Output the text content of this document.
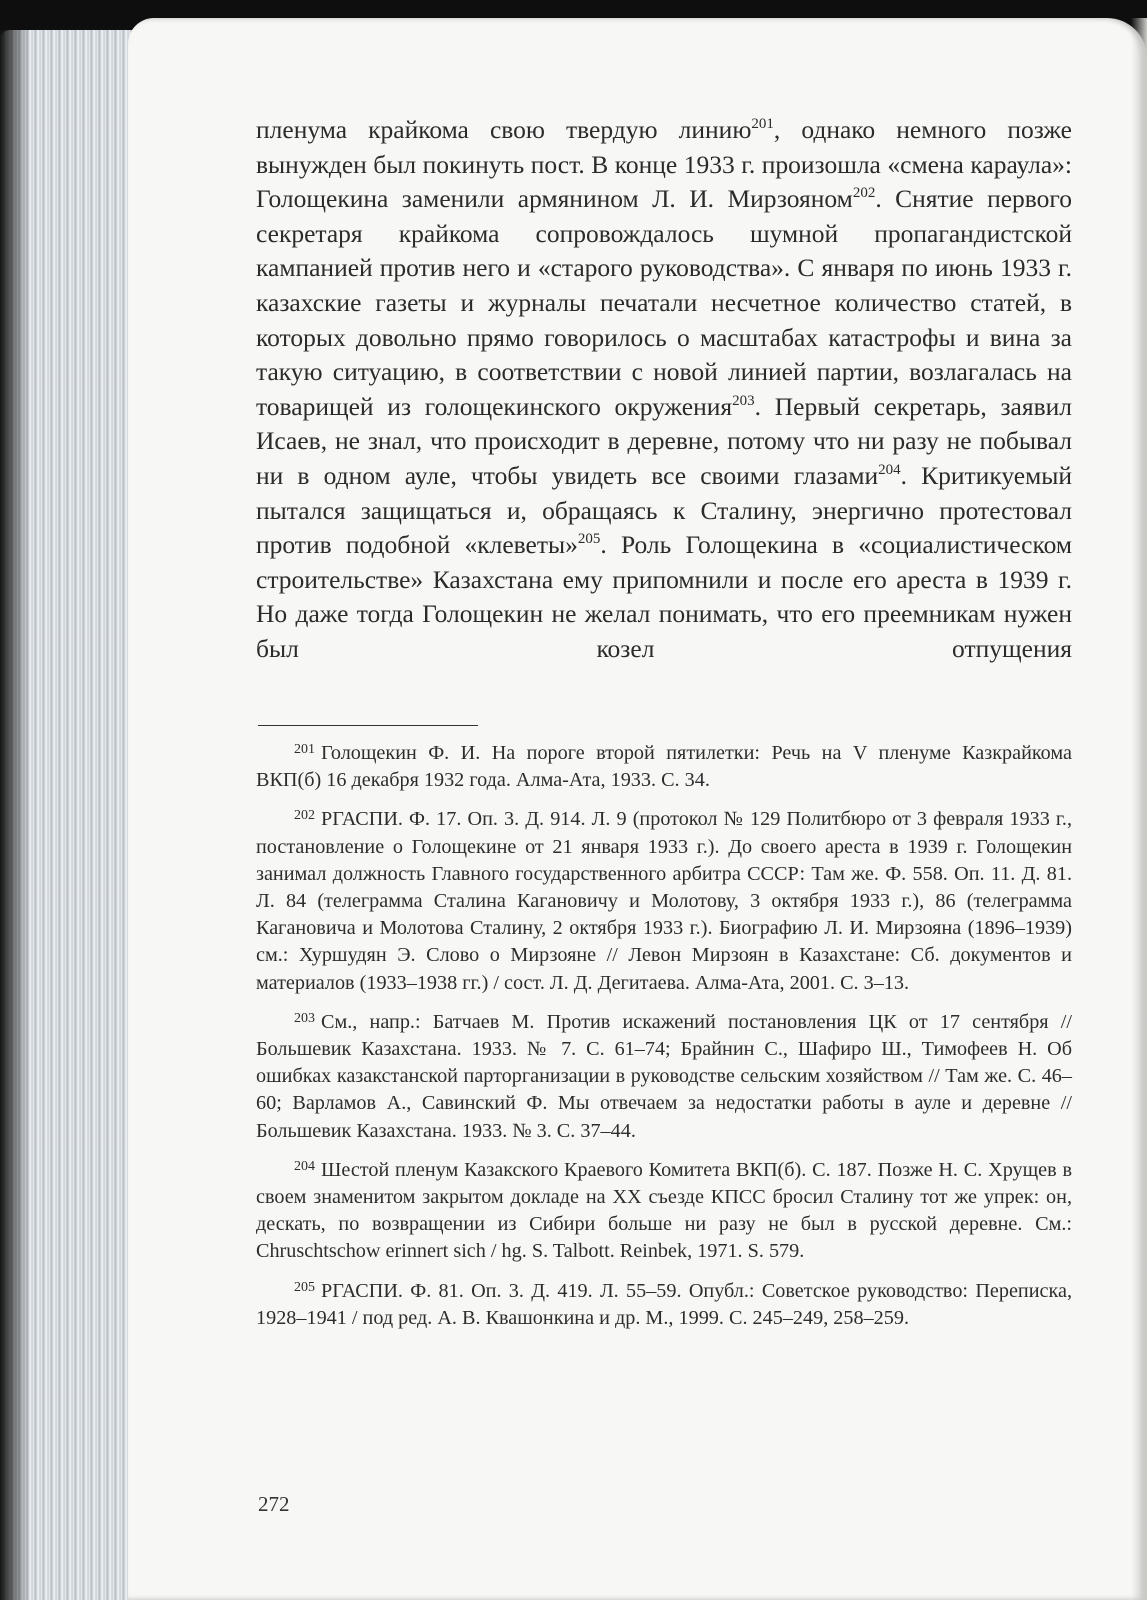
пленума крайкома свою твердую линию$^{201}$, однако немного позже вынужден был покинуть пост. В конце 1933 г. произошла «смена караула»: Голощекина заменили армянином Л. И. Мирзояном$^{202}$. Снятие первого секретаря крайкома сопровождалось шумной пропагандистской кампанией против него и «старого руководства». С января по июнь 1933 г. казахские газеты и журналы печатали несчетное количество статей, в которых довольно прямо говорилось о масштабах катастрофы и вина за такую ситуацию, в соответствии с новой линией партии, возлагалась на товарищей из голощекинского окружения$^{203}$. Первый секретарь, заявил Исаев, не знал, что происходит в деревне, потому что ни разу не побывал ни в одном ауле, чтобы увидеть все своими глазами$^{204}$. Критикуемый пытался защищаться и, обращаясь к Сталину, энергично протестовал против подобной «клеветы»$^{205}$. Роль Голощекина в «социалистическом строительстве» Казахстана ему припомнили и после его ареста в 1939 г. Но даже тогда Голощекин не желал понимать, что его преемникам нужен был козел отпущения

$^{201}$ Голощекин Ф. И. На пороге второй пятилетки: Речь на V пленуме Казкрайкома ВКП(б) 16 декабря 1932 года. Алма-Ата, 1933. С. 34.

$^{202}$ РГАСПИ. Ф. 17. Оп. 3. Д. 914. Л. 9 (протокол № 129 Политбюро от 3 февраля 1933 г., постановление о Голощекине от 21 января 1933 г.). До своего ареста в 1939 г. Голощекин занимал должность Главного государственного арбитра СССР: Там же. Ф. 558. Оп. 11. Д. 81. Л. 84 (телеграмма Сталина Кагановичу и Молотову, 3 октября 1933 г.), 86 (телеграмма Кагановича и Молотова Сталину, 2 октября 1933 г.). Биографию Л. И. Мирзояна (1896–1939) см.: Хуршудян Э. Слово о Мирзояне // Левон Мирзоян в Казахстане: Сб. документов и материалов (1933–1938 гг.) / сост. Л. Д. Дегитаева. Алма-Ата, 2001. С. 3–13.

$^{203}$ См., напр.: Батчаев М. Против искажений постановления ЦК от 17 сентября // Большевик Казахстана. 1933. № 7. С. 61–74; Брайнин С., Шафиро Ш., Тимофеев Н. Об ошибках казакстанской парторганизации в руководстве сельским хозяйством // Там же. С. 46–60; Варламов А., Савинский Ф. Мы отвечаем за недостатки работы в ауле и деревне // Большевик Казахстана. 1933. № 3. С. 37–44.

$^{204}$ Шестой пленум Казакского Краевого Комитета ВКП(б). С. 187. Позже Н. С. Хрущев в своем знаменитом закрытом докладе на XX съезде КПСС бросил Сталину тот же упрек: он, дескать, по возвращении из Сибири больше ни разу не был в русской деревне. См.: Chruschtschow erinnert sich / hg. S. Talbott. Reinbek, 1971. S. 579.

$^{205}$ РГАСПИ. Ф. 81. Оп. 3. Д. 419. Л. 55–59. Опубл.: Советское руководство: Переписка, 1928–1941 / под ред. А. В. Квашонкина и др. М., 1999. С. 245–249, 258–259.

272
